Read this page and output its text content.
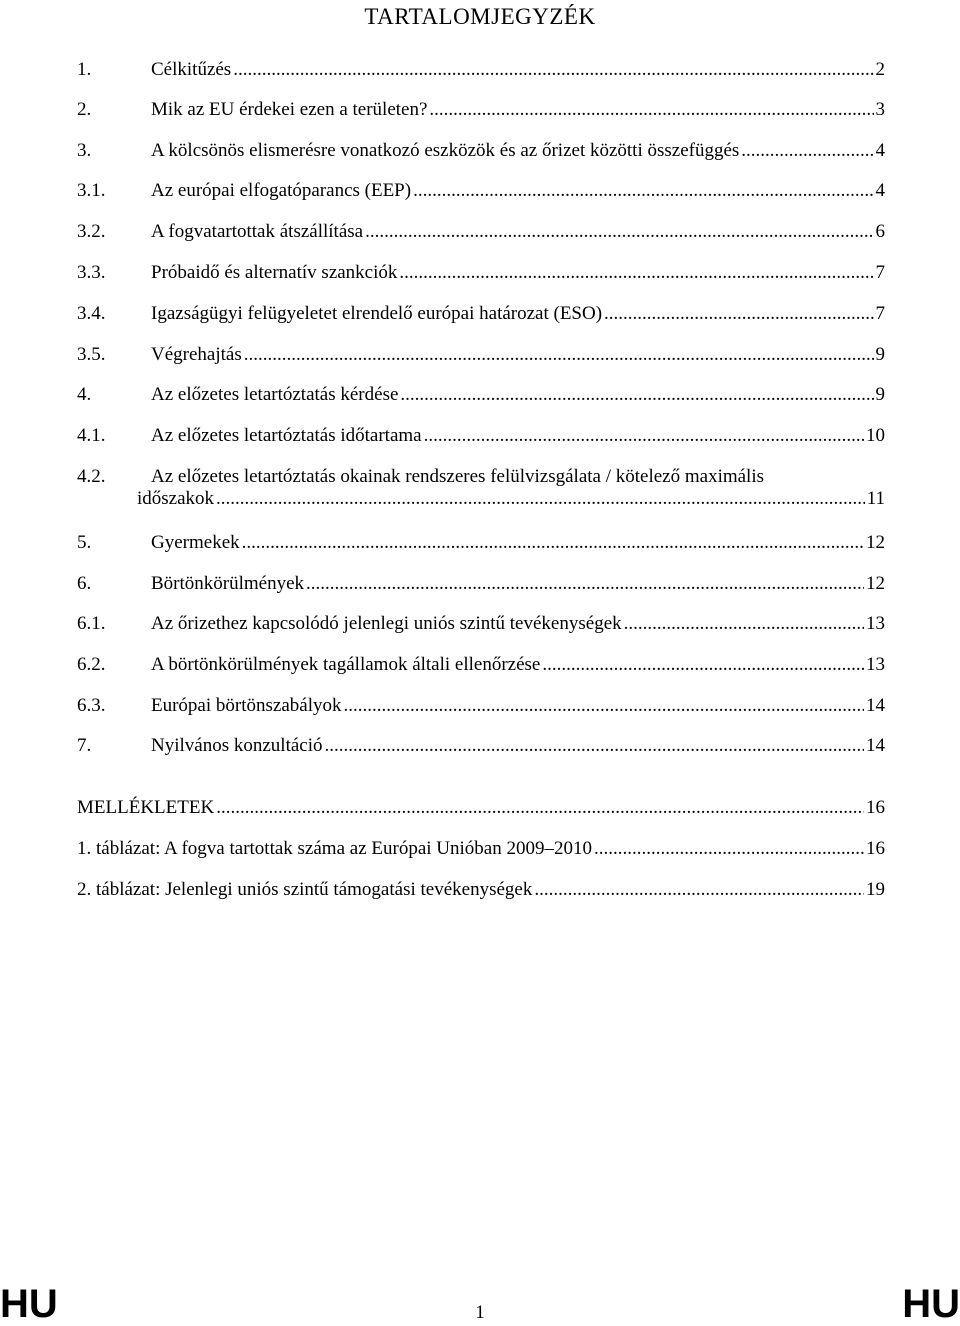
TARTALOMJEGYZÉK
1.	Célkitűzés .....	2
2.	Mik az EU érdekei ezen a területen? .....	3
3.	A kölcsönös elismerésre vonatkozó eszközök és az őrizet közötti összefüggés .....	4
3.1. Az európai elfogatóparancs (EEP) .....	4
3.2. A fogvatartottak átszállítása .....	6
3.3. Próbaidő és alternatív szankciók .....	7
3.4. Igazságügyi felügyeletet elrendelő európai határozat (ESO) .....	7
3.5. Végrehajtás .....	9
4.	Az előzetes letartóztatás kérdése .....	9
4.1. Az előzetes letartóztatás időtartama .....	10
4.2. Az előzetes letartóztatás okainak rendszeres felülvizsgálata / kötelező maximális
időszakok .....	11
5.	Gyermekek .....	12
6.	Börtönkörülmények .....	12
6.1. Az őrizethez kapcsolódó jelenlegi uniós szintű tevékenységek .....	13
6.2. A börtönkörülmények tagállamok általi ellenőrzése .....	13
6.3. Európai börtönszabályok .....	14
7.	Nyilvános konzultáció .....	14
MELLÉKLETEK .....	16
1. táblázat: A fogva tartottak száma az Európai Unióban 2009–2010 .....	16
2. táblázat: Jelenlegi uniós szintű támogatási tevékenységek .....	19
HU	1	HU
